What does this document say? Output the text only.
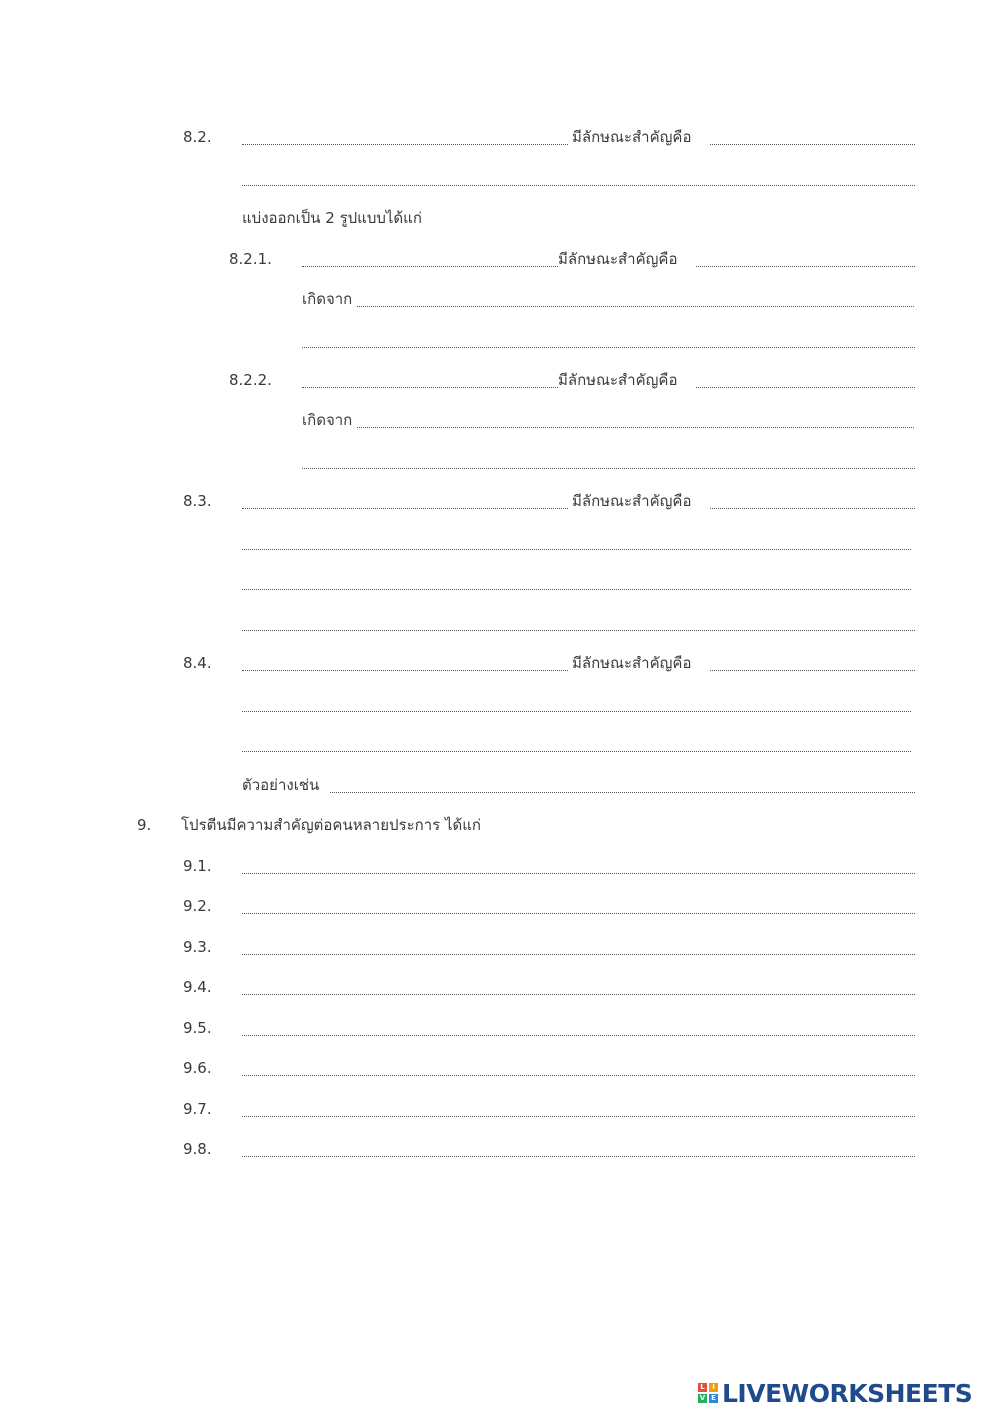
8.2.	มีลักษณะสำคัญคือ
แบ่งออกเป็น 2 รูปแบบได้แก่
8.2.1.	มีลักษณะสำคัญคือ
เกิดจาก
8.2.2.	มีลักษณะสำคัญคือ
เกิดจาก
8.3.	มีลักษณะสำคัญคือ
8.4.	มีลักษณะสำคัญคือ
ตัวอย่างเช่น
9. โปรตีนมีความสำคัญต่อคนหลายประการ ได้แก่
9.1.
9.2.
9.3.
9.4.
9.5.
9.6.
9.7.
9.8.
L	I
V E LIVEWORKSHEETS
